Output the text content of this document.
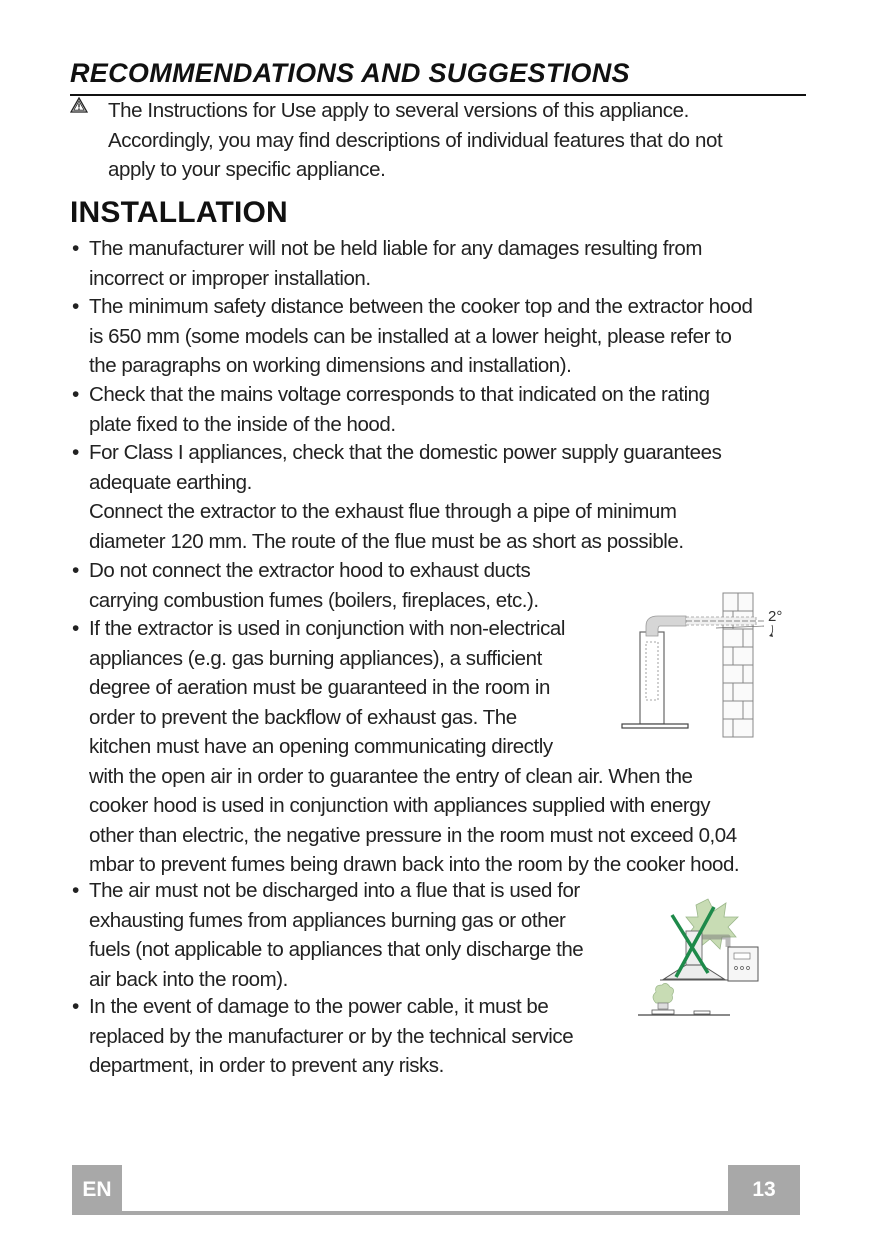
RECOMMENDATIONS AND SUGGESTIONS
The Instructions for Use apply to several versions of this appliance.
Accordingly, you may find descriptions of individual features that do not
apply to your specific appliance.
INSTALLATION
• The manufacturer will not be held liable for any damages resulting from
incorrect or improper installation.
• The minimum safety distance between the cooker top and the extractor hood
is 650 mm (some models can be installed at a lower height, please refer to
the paragraphs on working dimensions and installation).
• Check that the mains voltage corresponds to that indicated on the rating
plate fixed to the inside of the hood.
• For Class I appliances, check that the domestic power supply guarantees
adequate earthing.
Connect the extractor to the exhaust flue through a pipe of minimum
diameter 120 mm. The route of the flue must be as short as possible.
• Do not connect the extractor hood to exhaust ducts
carrying combustion fumes (boilers, fireplaces, etc.).
• If the extractor is used in conjunction with non-electrical
appliances (e.g. gas burning appliances), a sufficient
degree of aeration must be guaranteed in the room in
order to prevent the backflow of exhaust gas. The
kitchen must have an opening communicating directly
with the open air in order to guarantee the entry of clean air. When the
cooker hood is used in conjunction with appliances supplied with energy
other than electric, the negative pressure in the room must not exceed 0,04
mbar to prevent fumes being drawn back into the room by the cooker hood.
• The air must not be discharged into a flue that is used for
exhausting fumes from appliances burning gas or other
fuels (not applicable to appliances that only discharge the
air back into the room).
• In the event of damage to the power cable, it must be
replaced by the manufacturer or by the technical service
department, in order to prevent any risks.
2°
EN	13
